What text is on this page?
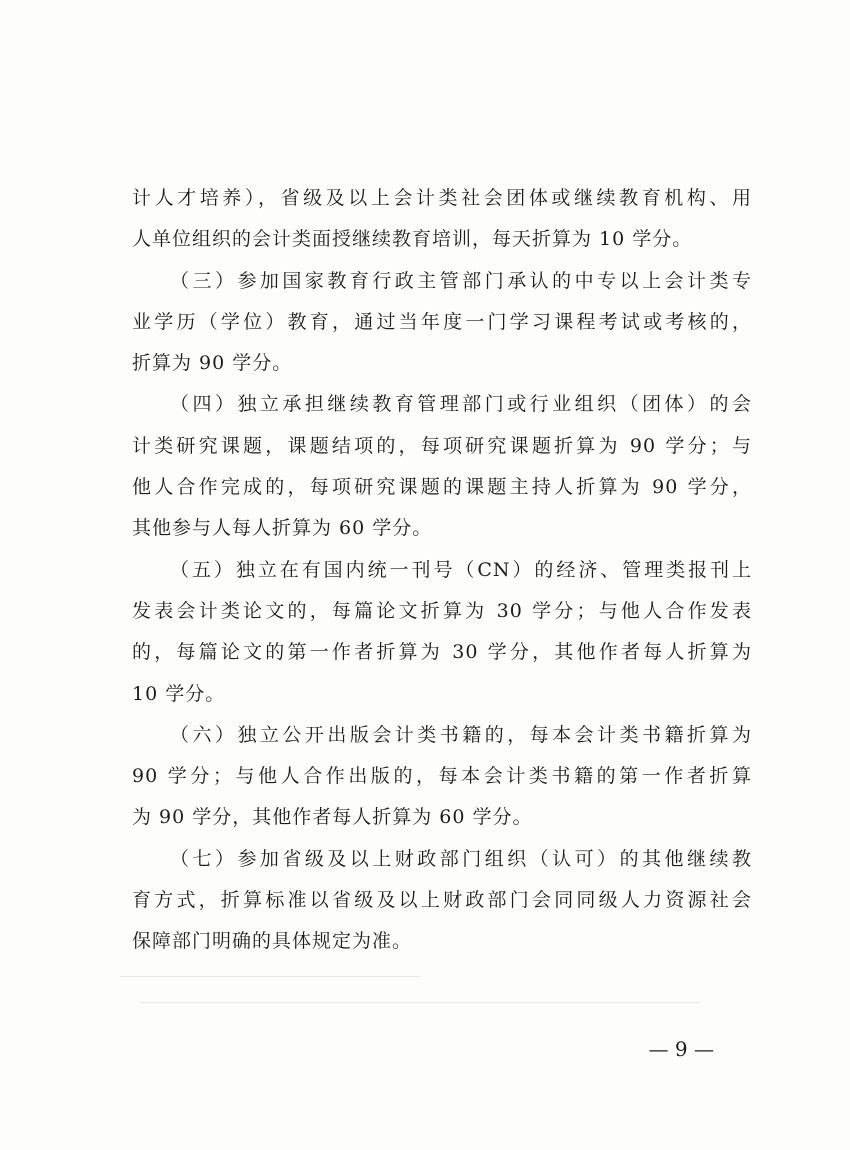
计人才培养），省级及以上会计类社会团体或继续教育机构、用
人单位组织的会计类面授继续教育培训，每天折算为 10 学分。
（三）参加国家教育行政主管部门承认的中专以上会计类专
业学历（学位）教育，通过当年度一门学习课程考试或考核的，
折算为 90 学分。
（四）独立承担继续教育管理部门或行业组织（团体）的会
计类研究课题，课题结项的，每项研究课题折算为 90 学分；与
他人合作完成的，每项研究课题的课题主持人折算为 90 学分，
其他参与人每人折算为 60 学分。
（五）独立在有国内统一刊号（CN）的经济、管理类报刊上
发表会计类论文的，每篇论文折算为 30 学分；与他人合作发表
的，每篇论文的第一作者折算为 30 学分，其他作者每人折算为
10 学分。
（六）独立公开出版会计类书籍的，每本会计类书籍折算为
90 学分；与他人合作出版的，每本会计类书籍的第一作者折算
为 90 学分，其他作者每人折算为 60 学分。
（七）参加省级及以上财政部门组织（认可）的其他继续教
育方式，折算标准以省级及以上财政部门会同同级人力资源社会
保障部门明确的具体规定为准。
— 9 —
